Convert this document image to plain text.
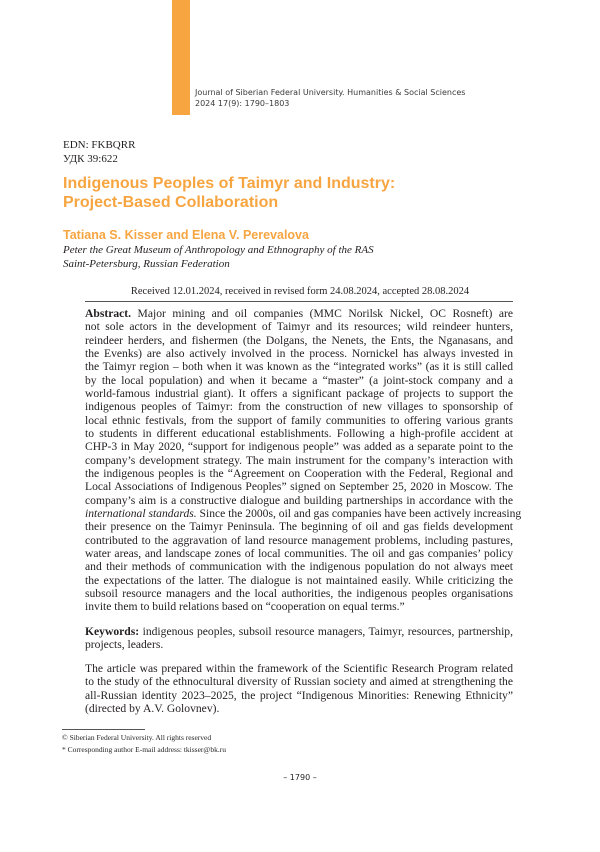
Journal of Siberian Federal University. Humanities & Social Sciences
2024 17(9): 1790–1803
EDN: FKBQRR
УДК 39:622
Indigenous Peoples of Taimyr and Industry:
Project-Based Collaboration
Tatiana S. Kisser and Elena V. Perevalova
Peter the Great Museum of Anthropology and Ethnography of the RAS
Saint-Petersburg, Russian Federation
Received 12.01.2024, received in revised form 24.08.2024, accepted 28.08.2024
Abstract. Major mining and oil companies (MMC Norilsk Nickel, OC Rosneft) are
not sole actors in the development of Taimyr and its resources; wild reindeer hunters,
reindeer herders, and fishermen (the Dolgans, the Nenets, the Ents, the Nganasans, and
the Evenks) are also actively involved in the process. Nornickel has always invested in
the Taimyr region – both when it was known as the “integrated works” (as it is still called
by the local population) and when it became a “master” (a joint-stock company and a
world-famous industrial giant). It offers a significant package of projects to support the
indigenous peoples of Taimyr: from the construction of new villages to sponsorship of
local ethnic festivals, from the support of family communities to offering various grants
to students in different educational establishments. Following a high-profile accident at
CHP-3 in May 2020, “support for indigenous people” was added as a separate point to the
company’s development strategy. The main instrument for the company’s interaction with
the indigenous peoples is the “Agreement on Cooperation with the Federal, Regional and
Local Associations of Indigenous Peoples” signed on September 25, 2020 in Moscow. The
company’s aim is a constructive dialogue and building partnerships in accordance with the
international standards. Since the 2000s, oil and gas companies have been actively increasing
their presence on the Taimyr Peninsula. The beginning of oil and gas fields development
contributed to the aggravation of land resource management problems, including pastures,
water areas, and landscape zones of local communities. The oil and gas companies’ policy
and their methods of communication with the indigenous population do not always meet
the expectations of the latter. The dialogue is not maintained easily. While criticizing the
subsoil resource managers and the local authorities, the indigenous peoples organisations
invite them to build relations based on “cooperation on equal terms.”
Keywords: indigenous peoples, subsoil resource managers, Taimyr, resources, partnership,
projects, leaders.
The article was prepared within the framework of the Scientific Research Program related
to the study of the ethnocultural diversity of Russian society and aimed at strengthening the
all-Russian identity 2023–2025, the project “Indigenous Minorities: Renewing Ethnicity”
(directed by A.V. Golovnev).
© Siberian Federal University. All rights reserved
* Corresponding author E-mail address: tkisser@bk.ru
– 1790 –
